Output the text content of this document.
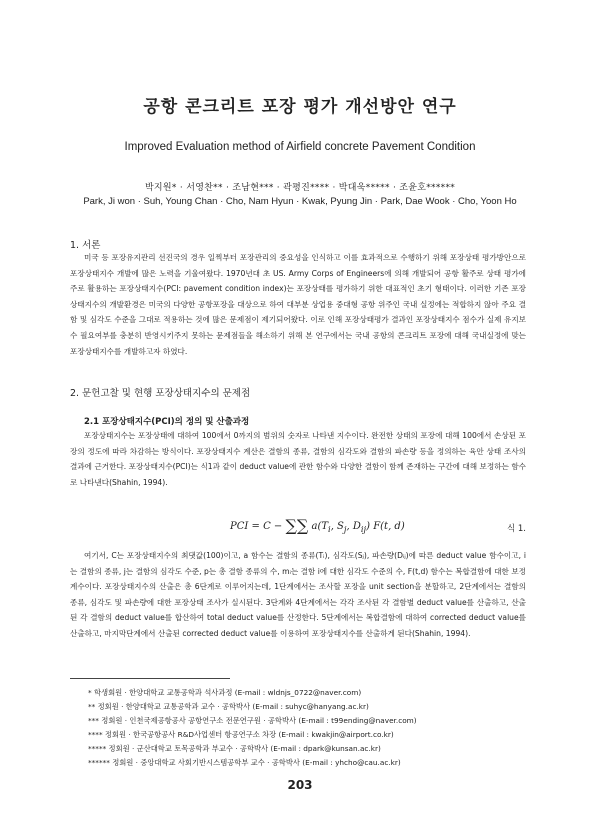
공항 콘크리트 포장 평가 개선방안 연구
Improved Evaluation method of Airfield concrete Pavement Condition
박지원* · 서영찬** · 조남현*** · 곽평진**** · 박대욱***** · 조윤호******
Park, Ji won · Suh, Young Chan · Cho, Nam Hyun · Kwak, Pyung Jin · Park, Dae Wook · Cho, Yoon Ho
1. 서론

미국 등 포장유지관리 선진국의 경우 일찍부터 포장관리의 중요성을 인식하고 이를 효과적으로 수행하기 위해 포장상태 평가방안으로 포장상태지수 개발에 많은 노력을 기울여왔다. 1970년대 초 US. Army Corps of Engineers에 의해 개발되어 공항 활주로 상태 평가에 주로 활용하는 포장상태지수(PCI: pavement condition index)는 포장상태를 평가하기 위한 대표적인 초기 형태이다. 이러한 기존 포장상태지수의 개발환경은 미국의 다양한 공항포장을 대상으로 하여 대부분 상업용 중대형 공항 위주인 국내 실정에는 적합하지 않아 주요 결함 및 심각도 수준을 그대로 적용하는 것에 많은 문제점이 제기되어왔다. 이로 인해 포장상태평가 결과인 포장상태지수 점수가 실제 유지보수 필요여부를 충분히 반영시키주지 못하는 문제점들을 해소하기 위해 본 연구에서는 국내 공항의 콘크리트 포장에 대해 국내실정에 맞는 포장상태지수를 개발하고자 하였다.

2. 문헌고찰 및 현행 포장상태지수의 문제점
2.1 포장상태지수(PCI)의 정의 및 산출과정

포장상태지수는 포장상태에 대하여 100에서 0까지의 범위의 숫자로 나타낸 지수이다. 완전한 상태의 포장에 대해 100에서 손상된 포장의 정도에 따라 차감하는 방식이다. 포장상태지수 계산은 결함의 종류, 결함의 심각도와 결함의 파손량 등을 정의하는 육안 상태 조사의 결과에 근거한다. 포장상태지수(PCI)는 식1과 같이 deduct value에 관한 함수와 다양한 결함이 함께 존재하는 구간에 대해 보정하는 함수로 나타낸다(Shahin, 1994).

PCI = C − ∑∑ $a(T_i$, $S_j$, $D_{ij}$) F(t, d)	식 1.

여기서, C는 포장상태지수의 최댓값(100)이고, a 함수는 결함의 종류(Tᵢ), 심각도(Sⱼ), 파손량(Dᵢⱼ)에 따른 deduct value 함수이고, i는 결함의 종류, j는 결함의 심각도 수준, p는 총 결함 종류의 수, mᵢ는 결함 i에 대한 심각도 수준의 수, F(t,d) 함수는 복합결함에 대한 보정계수이다. 포장상태지수의 산출은 총 6단계로 이루어지는데, 1단계에서는 조사할 포장을 unit section을 분할하고, 2단계에서는 결함의 종류, 심각도 및 파손량에 대한 포장상태 조사가 실시된다. 3단계와 4단계에서는 각각 조사된 각 결함별 deduct value를 산출하고, 산출된 각 결함의 deduct value를 합산하여 total deduct value를 산정한다. 5단계에서는 복합결함에 대하여 corrected deduct value를 산출하고, 마지막단계에서 산출된 corrected deduct value를 이용하여 포장상태지수를 산출하게 된다(Shahin, 1994).

* 학생회원 · 한양대학교 교통공학과 석사과정 (E-mail : wldnjs_0722@naver.com)
** 정회원 · 한양대학교 교통공학과 교수 · 공학박사 (E-mail : suhyc@hanyang.ac.kr)
*** 정회원 · 인천국제공항공사 공항연구소 전문연구원 · 공학박사 (E-mail : t99ending@naver.com)
**** 정회원 · 한국공항공사 R&D사업센터 항공연구소 차장 (E-mail : kwakjin@airport.co.kr)
***** 정회원 · 군산대학교 토목공학과 부교수 · 공학박사 (E-mail : dpark@kunsan.ac.kr)
****** 정회원 · 중앙대학교 사회기반시스템공학부 교수 · 공학박사 (E-mail : yhcho@cau.ac.kr)
203
